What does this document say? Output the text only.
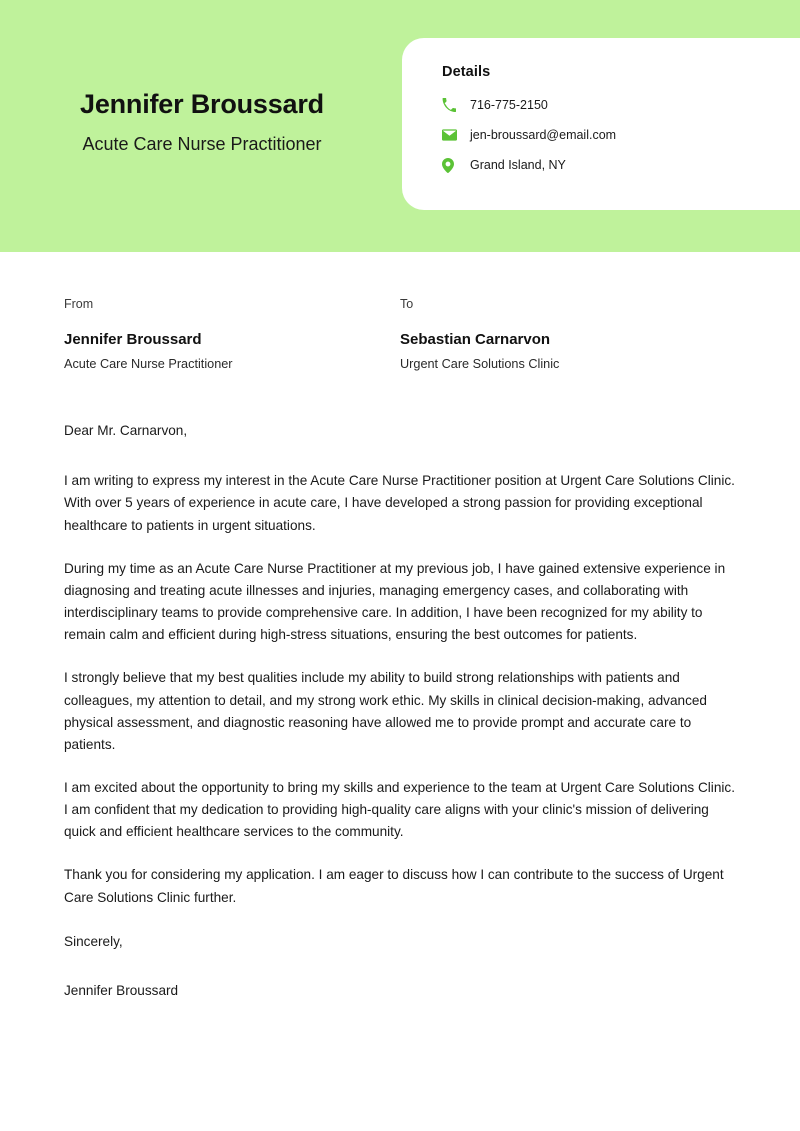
Jennifer Broussard

Acute Care Nurse Practitioner

Details
716-775-2150
jen-broussard@email.com
Grand Island, NY

From

Jennifer Broussard

Acute Care Nurse Practitioner

To

Sebastian Carnarvon

Urgent Care Solutions Clinic

Dear Mr. Carnarvon,

I am writing to express my interest in the Acute Care Nurse Practitioner position at Urgent Care Solutions Clinic. With over 5 years of experience in acute care, I have developed a strong passion for providing exceptional healthcare to patients in urgent situations.

During my time as an Acute Care Nurse Practitioner at my previous job, I have gained extensive experience in diagnosing and treating acute illnesses and injuries, managing emergency cases, and collaborating with interdisciplinary teams to provide comprehensive care. In addition, I have been recognized for my ability to remain calm and efficient during high-stress situations, ensuring the best outcomes for patients.

I strongly believe that my best qualities include my ability to build strong relationships with patients and colleagues, my attention to detail, and my strong work ethic. My skills in clinical decision-making, advanced physical assessment, and diagnostic reasoning have allowed me to provide prompt and accurate care to patients.

I am excited about the opportunity to bring my skills and experience to the team at Urgent Care Solutions Clinic. I am confident that my dedication to providing high-quality care aligns with your clinic's mission of delivering quick and efficient healthcare services to the community.

Thank you for considering my application. I am eager to discuss how I can contribute to the success of Urgent Care Solutions Clinic further.

Sincerely,

Jennifer Broussard
